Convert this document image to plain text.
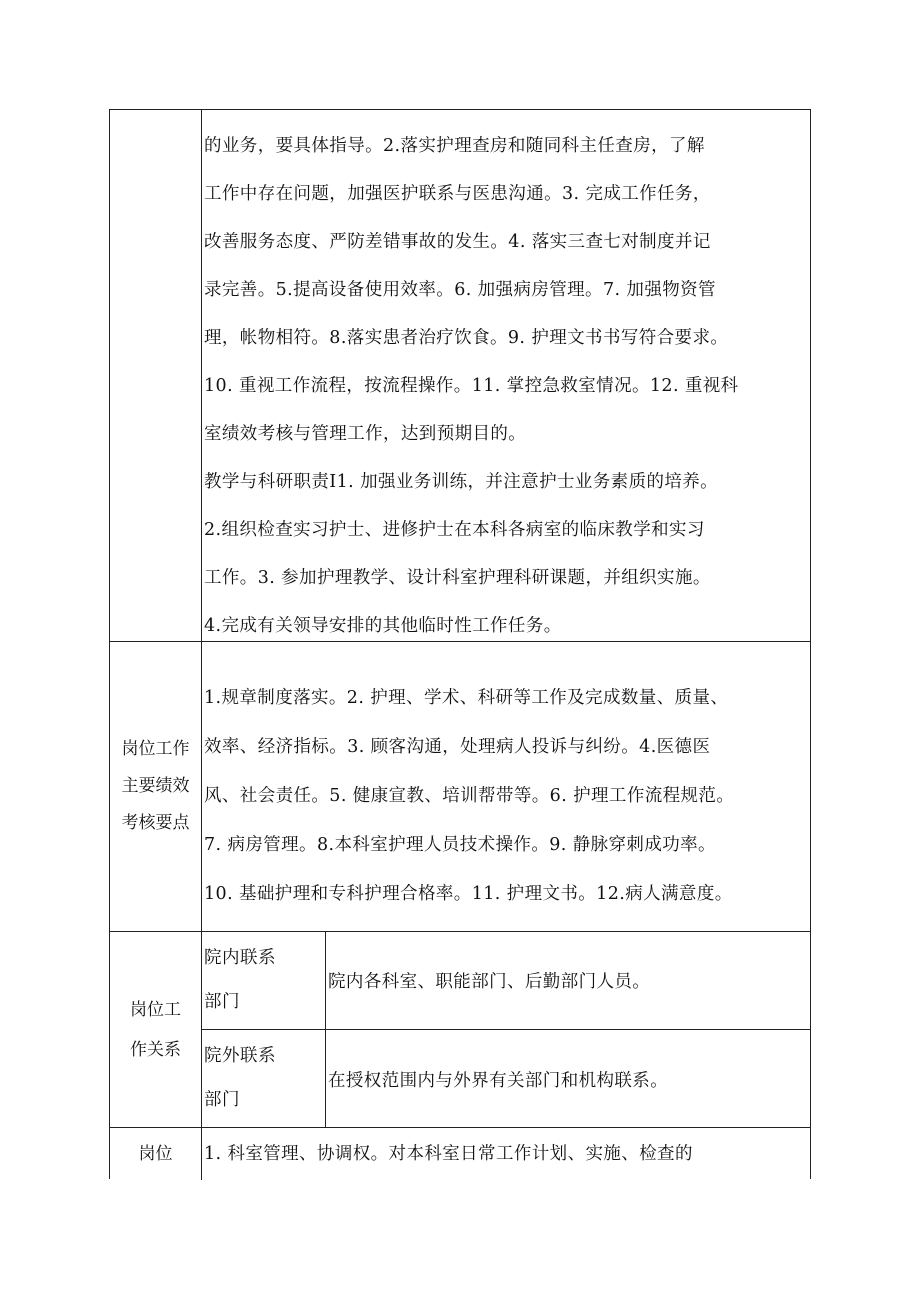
的业务，要具体指导。2.落实护理查房和随同科主任查房，了解

工作中存在问题，加强医护联系与医患沟通。3. 完成工作任务，

改善服务态度、严防差错事故的发生。4. 落实三查七对制度并记

录完善。5.提高设备使用效率。6. 加强病房管理。7. 加强物资管

理，帐物相符。8.落实患者治疗饮食。9. 护理文书书写符合要求。

10. 重视工作流程，按流程操作。11. 掌控急救室情况。12. 重视科

室绩效考核与管理工作，达到预期目的。

教学与科研职责I1. 加强业务训练，并注意护士业务素质的培养。

2.组织检查实习护士、进修护士在本科各病室的临床教学和实习

工作。3. 参加护理教学、设计科室护理科研课题，并组织实施。

4.完成有关领导安排的其他临时性工作任务。

岗位工作
主要绩效
考核要点

1.规章制度落实。2. 护理、学术、科研等工作及完成数量、质量、

效率、经济指标。3. 顾客沟通，处理病人投诉与纠纷。4.医德医

风、社会责任。5. 健康宣教、培训帮带等。6. 护理工作流程规范。

7. 病房管理。8.本科室护理人员技术操作。9. 静脉穿刺成功率。

10. 基础护理和专科护理合格率。11. 护理文书。12.病人满意度。

岗位工
作关系
院内联系
部门
院内各科室、职能部门、后勤部门人员。
院外联系
部门
在授权范围内与外界有关部门和机构联系。
岗位	1. 科室管理、协调权。对本科室日常工作计划、实施、检查的
